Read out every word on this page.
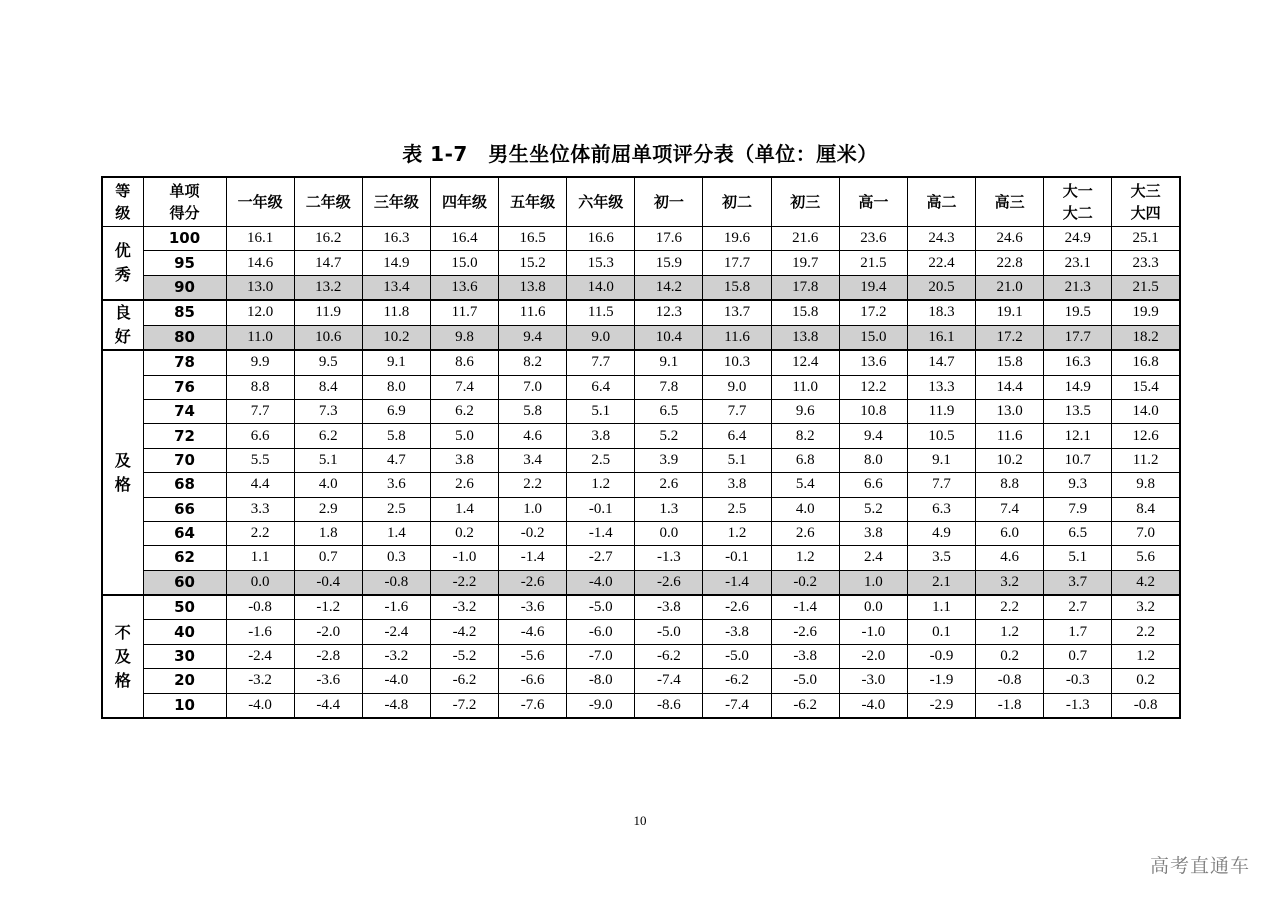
表 1-7　男生坐位体前屈单项评分表（单位：厘米）
等级	单项得分	一年级	二年级	三年级	四年级	五年级	六年级	初一	初二	初三	高一	高二	高三	大一大二	大三大四
优秀	100	16.1	16.2	16.3	16.4	16.5	16.6	17.6	19.6	21.6	23.6	24.3	24.6	24.9	25.1
	95	14.6	14.7	14.9	15.0	15.2	15.3	15.9	17.7	19.7	21.5	22.4	22.8	23.1	23.3
	90	13.0	13.2	13.4	13.6	13.8	14.0	14.2	15.8	17.8	19.4	20.5	21.0	21.3	21.5
良好	85	12.0	11.9	11.8	11.7	11.6	11.5	12.3	13.7	15.8	17.2	18.3	19.1	19.5	19.9
	80	11.0	10.6	10.2	9.8	9.4	9.0	10.4	11.6	13.8	15.0	16.1	17.2	17.7	18.2
及格	78	9.9	9.5	9.1	8.6	8.2	7.7	9.1	10.3	12.4	13.6	14.7	15.8	16.3	16.8
	76	8.8	8.4	8.0	7.4	7.0	6.4	7.8	9.0	11.0	12.2	13.3	14.4	14.9	15.4
	74	7.7	7.3	6.9	6.2	5.8	5.1	6.5	7.7	9.6	10.8	11.9	13.0	13.5	14.0
	72	6.6	6.2	5.8	5.0	4.6	3.8	5.2	6.4	8.2	9.4	10.5	11.6	12.1	12.6
	70	5.5	5.1	4.7	3.8	3.4	2.5	3.9	5.1	6.8	8.0	9.1	10.2	10.7	11.2
	68	4.4	4.0	3.6	2.6	2.2	1.2	2.6	3.8	5.4	6.6	7.7	8.8	9.3	9.8
	66	3.3	2.9	2.5	1.4	1.0	-0.1	1.3	2.5	4.0	5.2	6.3	7.4	7.9	8.4
	64	2.2	1.8	1.4	0.2	-0.2	-1.4	0.0	1.2	2.6	3.8	4.9	6.0	6.5	7.0
	62	1.1	0.7	0.3	-1.0	-1.4	-2.7	-1.3	-0.1	1.2	2.4	3.5	4.6	5.1	5.6
	60	0.0	-0.4	-0.8	-2.2	-2.6	-4.0	-2.6	-1.4	-0.2	1.0	2.1	3.2	3.7	4.2
不及格	50	-0.8	-1.2	-1.6	-3.2	-3.6	-5.0	-3.8	-2.6	-1.4	0.0	1.1	2.2	2.7	3.2
	40	-1.6	-2.0	-2.4	-4.2	-4.6	-6.0	-5.0	-3.8	-2.6	-1.0	0.1	1.2	1.7	2.2
	30	-2.4	-2.8	-3.2	-5.2	-5.6	-7.0	-6.2	-5.0	-3.8	-2.0	-0.9	0.2	0.7	1.2
	20	-3.2	-3.6	-4.0	-6.2	-6.6	-8.0	-7.4	-6.2	-5.0	-3.0	-1.9	-0.8	-0.3	0.2
	10	-4.0	-4.4	-4.8	-7.2	-7.6	-9.0	-8.6	-7.4	-6.2	-4.0	-2.9	-1.8	-1.3	-0.8
10
高考直通车
